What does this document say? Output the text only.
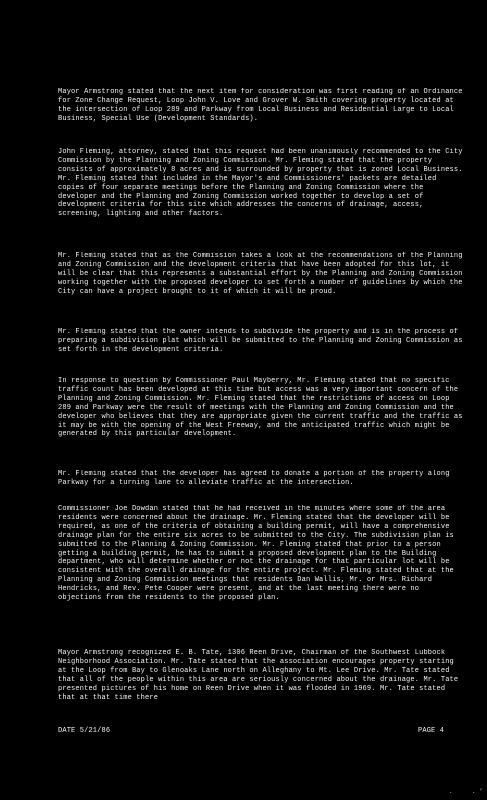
Mayor Armstrong stated that the next item for consideration was first reading of an Ordinance for Zone Change Request, Loop John V. Love and Grover W. Smith covering property located at the intersection of Loop 289 and Parkway from Local Business and Residential Large to Local Business, Special Use (Development Standards).

John Fleming, attorney, stated that this request had been unanimously recommended to the City Commission by the Planning and Zoning Commission. Mr. Fleming stated that the property consists of approximately 8 acres and is surrounded by property that is zoned Local Business. Mr. Fleming stated that included in the Mayor's and Commissioners' packets are detailed copies of four separate meetings before the Planning and Zoning Commission where the developer and the Planning and Zoning Commission worked together to develop a set of development criteria for this site which addresses the concerns of drainage, access, screening, lighting and other factors.

Mr. Fleming stated that as the Commission takes a look at the recommendations of the Planning and Zoning Commission and the development criteria that have been adopted for this lot, it will be clear that this represents a substantial effort by the Planning and Zoning Commission working together with the proposed developer to set forth a number of guidelines by which the City can have a project brought to it of which it will be proud.

Mr. Fleming stated that the owner intends to subdivide the property and is in the process of preparing a subdivision plat which will be submitted to the Planning and Zoning Commission as set forth in the development criteria.

In response to question by Commissioner Paul Mayberry, Mr. Fleming stated that no specific traffic count has been developed at this time but access was a very important concern of the Planning and Zoning Commission. Mr. Fleming stated that the restrictions of access on Loop 289 and Parkway were the result of meetings with the Planning and Zoning Commission and the developer who believes that they are appropriate given the current traffic and the traffic as it may be with the opening of the West Freeway, and the anticipated traffic which might be generated by this particular development.

Mr. Fleming stated that the developer has agreed to donate a portion of the property along Parkway for a turning lane to alleviate traffic at the intersection.

Commissioner Joe Dowdan stated that he had received in the minutes where some of the area residents were concerned about the drainage. Mr. Fleming stated that the developer will be required, as one of the criteria of obtaining a building permit, will have a comprehensive drainage plan for the entire six acres to be submitted to the City. The subdivision plan is submitted to the Planning & Zoning Commission. Mr. Fleming stated that prior to a person getting a building permit, he has to submit a proposed development plan to the Building department, who will determine whether or not the drainage for that particular lot will be consistent with the overall drainage for the entire project. Mr. Fleming stated that at the Planning and Zoning Commission meetings that residents Dan Wallis, Mr. or Mrs. Richard Hendricks, and Rev. Pete Cooper were present, and at the last meeting there were no objections from the residents to the proposed plan.

Mayor Armstrong recognized E. B. Tate, 1306 Reen Drive, Chairman of the Southwest Lubbock Neighborhood Association. Mr. Tate stated that the association encourages property starting at the Loop from Bay to Glenoaks Lane north on Alleghany to Mt. Lee Drive. Mr. Tate stated that all of the people within this area are seriously concerned about the drainage. Mr. Tate presented pictures of his home on Reen Drive when it was flooded in 1969. Mr. Tate stated that at that time there

DATE 5/21/86	PAGE 4
.	. ’
